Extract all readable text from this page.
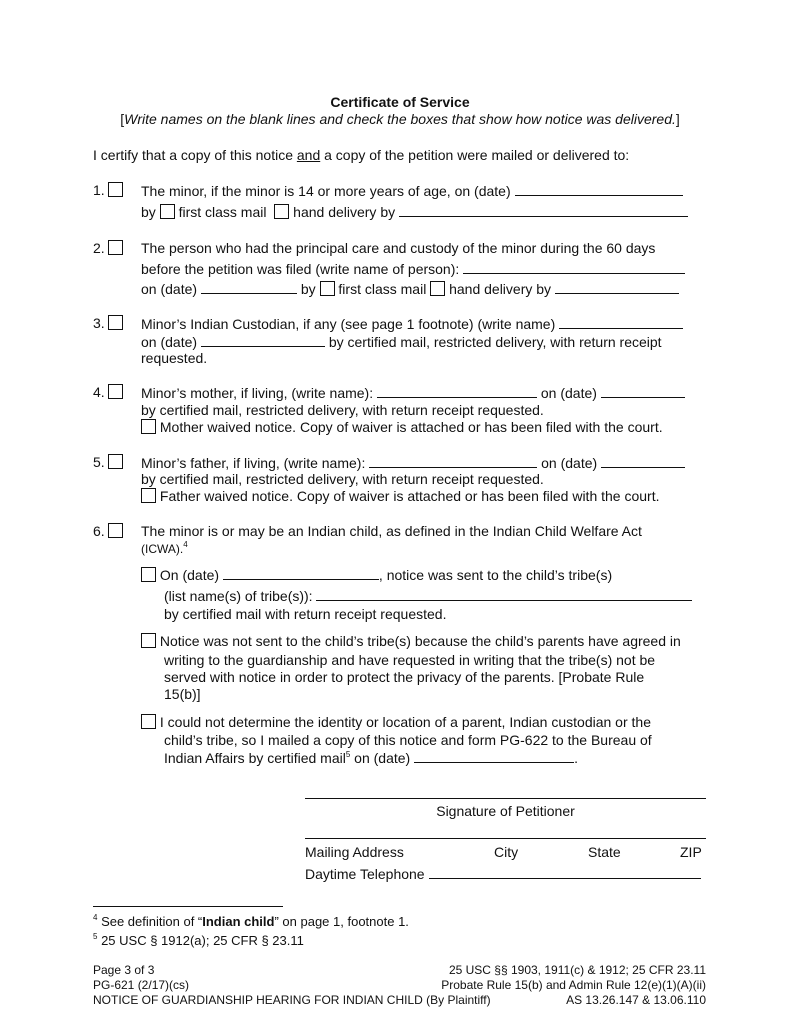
Certificate of Service
[Write names on the blank lines and check the boxes that show how notice was delivered.]
I certify that a copy of this notice and a copy of the petition were mailed or delivered to:
1.	The minor, if the minor is 14 or more years of age, on (date)
by first class mail hand delivery by
2.	The person who had the principal care and custody of the minor during the 60 days
before the petition was filed (write name of person):
on (date)	by first class mail hand delivery by
3.	Minor’s Indian Custodian, if any (see page 1 footnote) (write name)
on (date)	by certified mail, restricted delivery, with return receipt
requested.
4.	Minor’s mother, if living, (write name):	on (date)
by certified mail, restricted delivery, with return receipt requested.
Mother waived notice. Copy of waiver is attached or has been filed with the court.
5.	Minor’s father, if living, (write name):	on (date)
by certified mail, restricted delivery, with return receipt requested.
Father waived notice. Copy of waiver is attached or has been filed with the court.
6.	The minor is or may be an Indian child, as defined in the Indian Child Welfare Act
(ICWA).$^4$
On (date)	, notice was sent to the child’s tribe(s)
(list name(s) of tribe(s)):
by certified mail with return receipt requested.
Notice was not sent to the child’s tribe(s) because the child’s parents have agreed in
writing to the guardianship and have requested in writing that the tribe(s) not be
served with notice in order to protect the privacy of the parents. [Probate Rule
15(b)]
I could not determine the identity or location of a parent, Indian custodian or the
child’s tribe, so I mailed a copy of this notice and form PG-622 to the Bureau of
Indian Affairs by certified mail$^5$ on (date)	.
Signature of Petitioner
Mailing Address	City	State	ZIP
Daytime Telephone
$^4$ See definition of “Indian child” on page 1, footnote 1.
$^5$ 25 USC § 1912(a); 25 CFR § 23.11
Page 3 of 3
PG-621 (2/17)(cs)
NOTICE OF GUARDIANSHIP HEARING FOR INDIAN CHILD (By Plaintiff)
25 USC §§ 1903, 1911(c) & 1912; 25 CFR 23.11
Probate Rule 15(b) and Admin Rule 12(e)(1)(A)(ii)
AS 13.26.147 & 13.06.110
